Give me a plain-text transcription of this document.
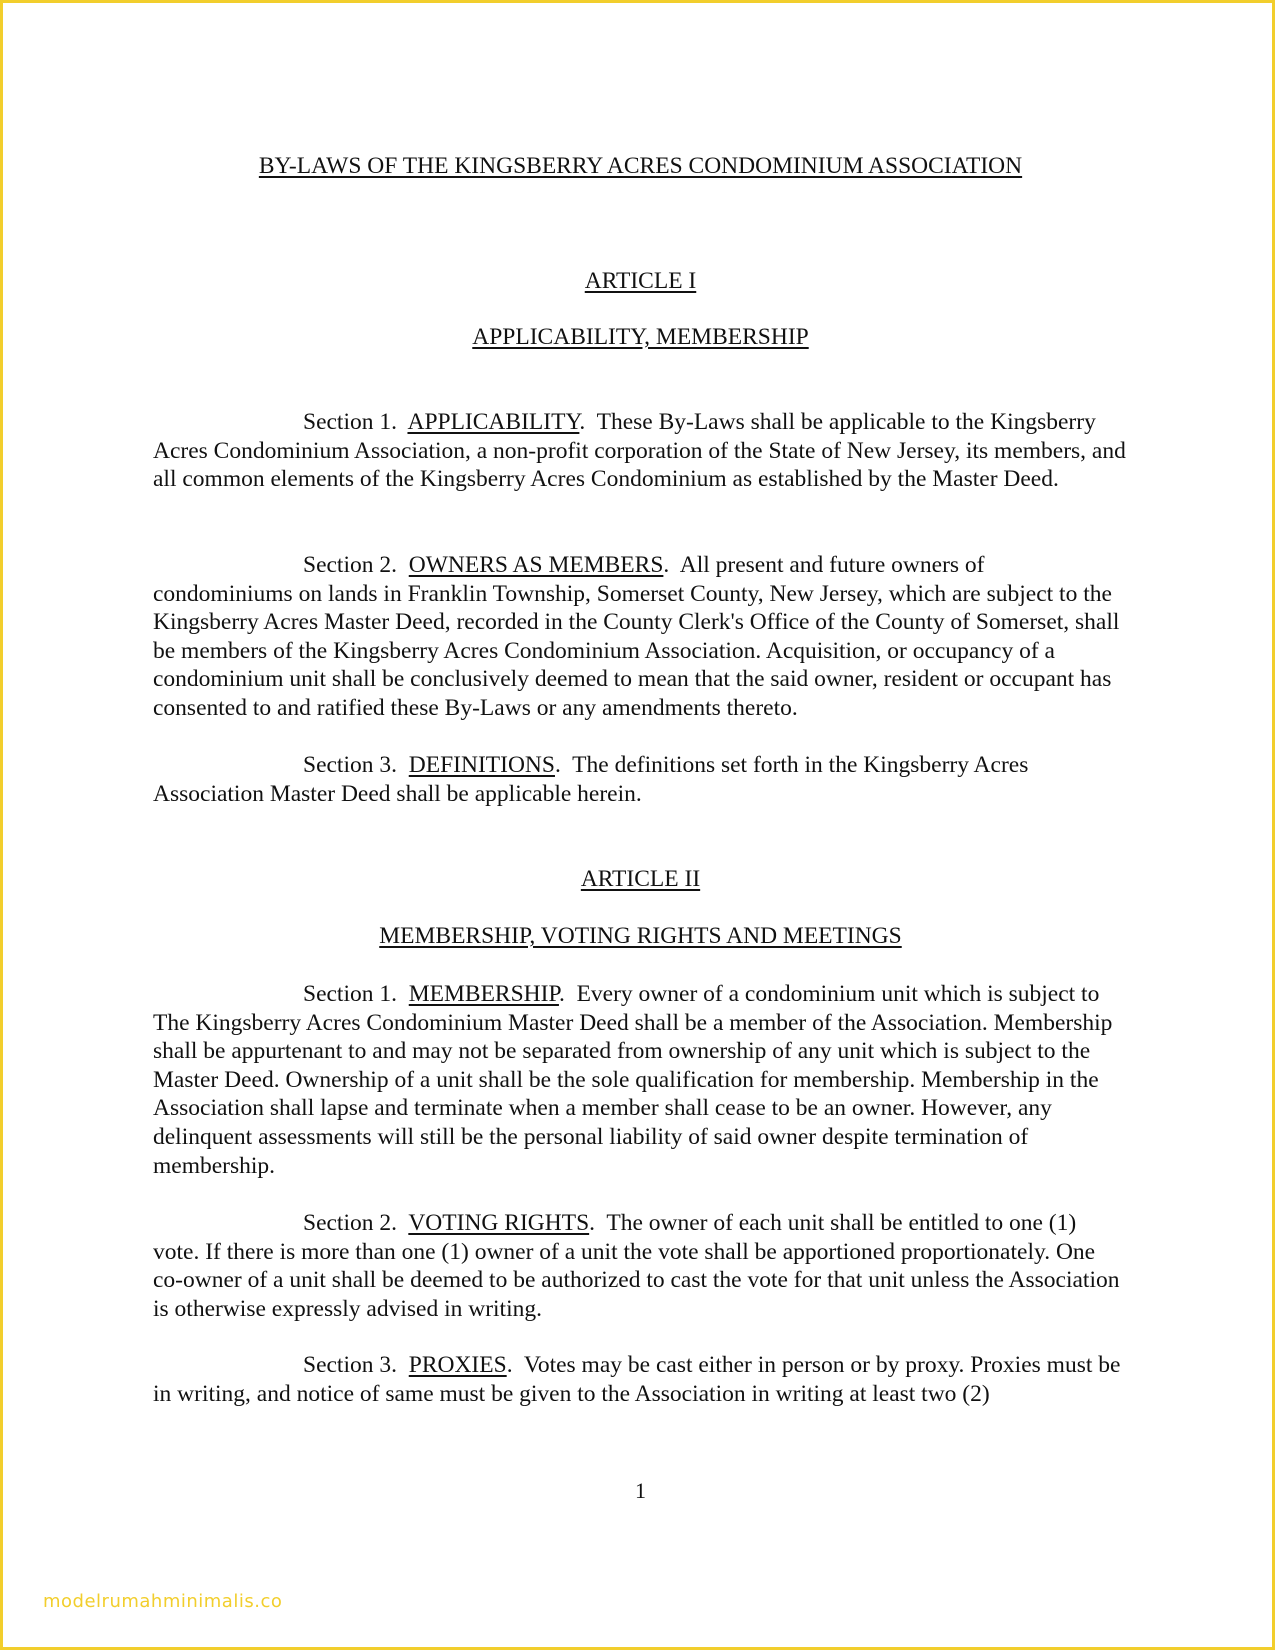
BY-LAWS OF THE KINGSBERRY ACRES CONDOMINIUM ASSOCIATION
ARTICLE I
APPLICABILITY, MEMBERSHIP

Section 1. APPLICABILITY.  These By-Laws shall be applicable to the Kingsberry Acres Condominium Association, a non-profit corporation of the State of New Jersey, its members, and all common elements of the Kingsberry Acres Condominium as established by the Master Deed.

Section 2. OWNERS AS MEMBERS.  All present and future owners of condominiums on lands in Franklin Township, Somerset County, New Jersey, which are subject to the Kingsberry Acres Master Deed, recorded in the County Clerk's Office of the County of Somerset, shall be members of the Kingsberry Acres Condominium Association. Acquisition, or occupancy of a condominium unit shall be conclusively deemed to mean that the said owner, resident or occupant has consented to and ratified these By-Laws or any amendments thereto.

Section 3. DEFINITIONS.  The definitions set forth in the Kingsberry Acres Association Master Deed shall be applicable herein.

ARTICLE II
MEMBERSHIP, VOTING RIGHTS AND MEETINGS

Section 1. MEMBERSHIP.  Every owner of a condominium unit which is subject to The Kingsberry Acres Condominium Master Deed shall be a member of the Association. Membership shall be appurtenant to and may not be separated from ownership of any unit which is subject to the Master Deed. Ownership of a unit shall be the sole qualification for membership. Membership in the Association shall lapse and terminate when a member shall cease to be an owner. However, any delinquent assessments will still be the personal liability of said owner despite termination of membership.

Section 2. VOTING RIGHTS.  The owner of each unit shall be entitled to one (1) vote. If there is more than one (1) owner of a unit the vote shall be apportioned proportionately. One co-owner of a unit shall be deemed to be authorized to cast the vote for that unit unless the Association is otherwise expressly advised in writing.

Section 3. PROXIES.  Votes may be cast either in person or by proxy. Proxies must be in writing, and notice of same must be given to the Association in writing at least two (2)

1
modelrumahminimalis.co
